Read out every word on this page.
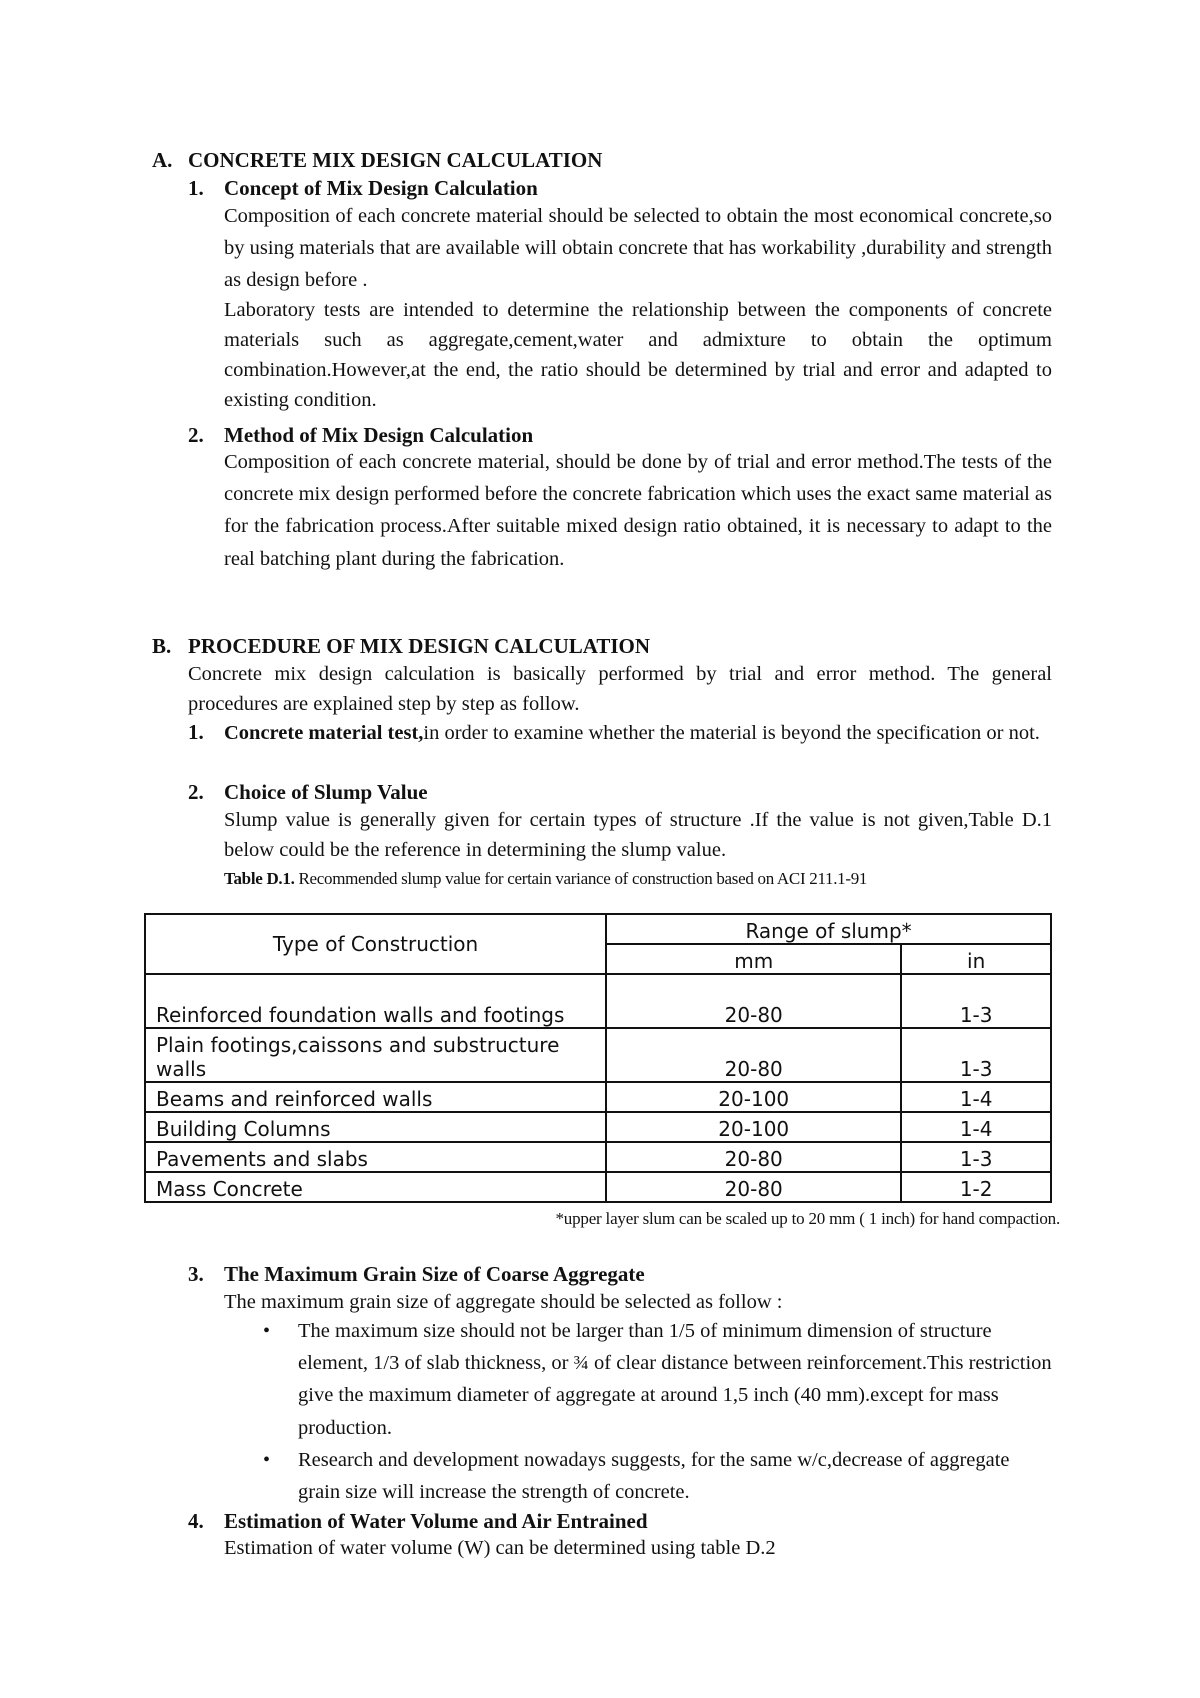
A. CONCRETE MIX DESIGN CALCULATION
1. Concept of Mix Design Calculation
Composition of each concrete material should be selected to obtain the most economical concrete,so by using materials that are available will obtain concrete that has workability ,durability and strength as design before .
Laboratory tests are intended to determine the relationship between the components of concrete materials such as aggregate,cement,water and admixture to obtain the optimum combination.However,at the end, the ratio should be determined by trial and error and adapted to existing condition.
2. Method of Mix Design Calculation
Composition of each concrete material, should be done by of trial and error method.The tests of the concrete mix design performed before the concrete fabrication which uses the exact same material as for the fabrication process.After suitable mixed design ratio obtained, it is necessary to adapt to the real batching plant during the fabrication.
B. PROCEDURE OF MIX DESIGN CALCULATION
Concrete mix design calculation is basically performed by trial and error method. The general procedures are explained step by step as follow.
1. Concrete material test,in order to examine whether the material is beyond the specification or not.
2. Choice of Slump Value
Slump value is generally given for certain types of structure .If the value is not given,Table D.1 below could be the reference in determining the slump value.
Table D.1. Recommended slump value for certain variance of construction based on ACI 211.1-91
Type of Construction	Range of slump*	
	mm	in
Reinforced foundation walls and footings	20-80	1-3
Plain footings,caissons and substructure walls	20-80	1-3
Beams and reinforced walls	20-100	1-4
Building Columns	20-100	1-4
Pavements and slabs	20-80	1-3
Mass Concrete	20-80	1-2
*upper layer slum can be scaled up to 20 mm ( 1 inch) for hand compaction.
3. The Maximum Grain Size of Coarse Aggregate
The maximum grain size of aggregate should be selected as follow :
• The maximum size should not be larger than 1/5 of minimum dimension of structure element, 1/3 of slab thickness, or ¾ of clear distance between reinforcement.This restriction give the maximum diameter of aggregate at around 1,5 inch (40 mm).except for mass production.
• Research and development nowadays suggests, for the same w/c,decrease of aggregate grain size will increase the strength of concrete.
4. Estimation of Water Volume and Air Entrained
Estimation of water volume (W) can be determined using table D.2
